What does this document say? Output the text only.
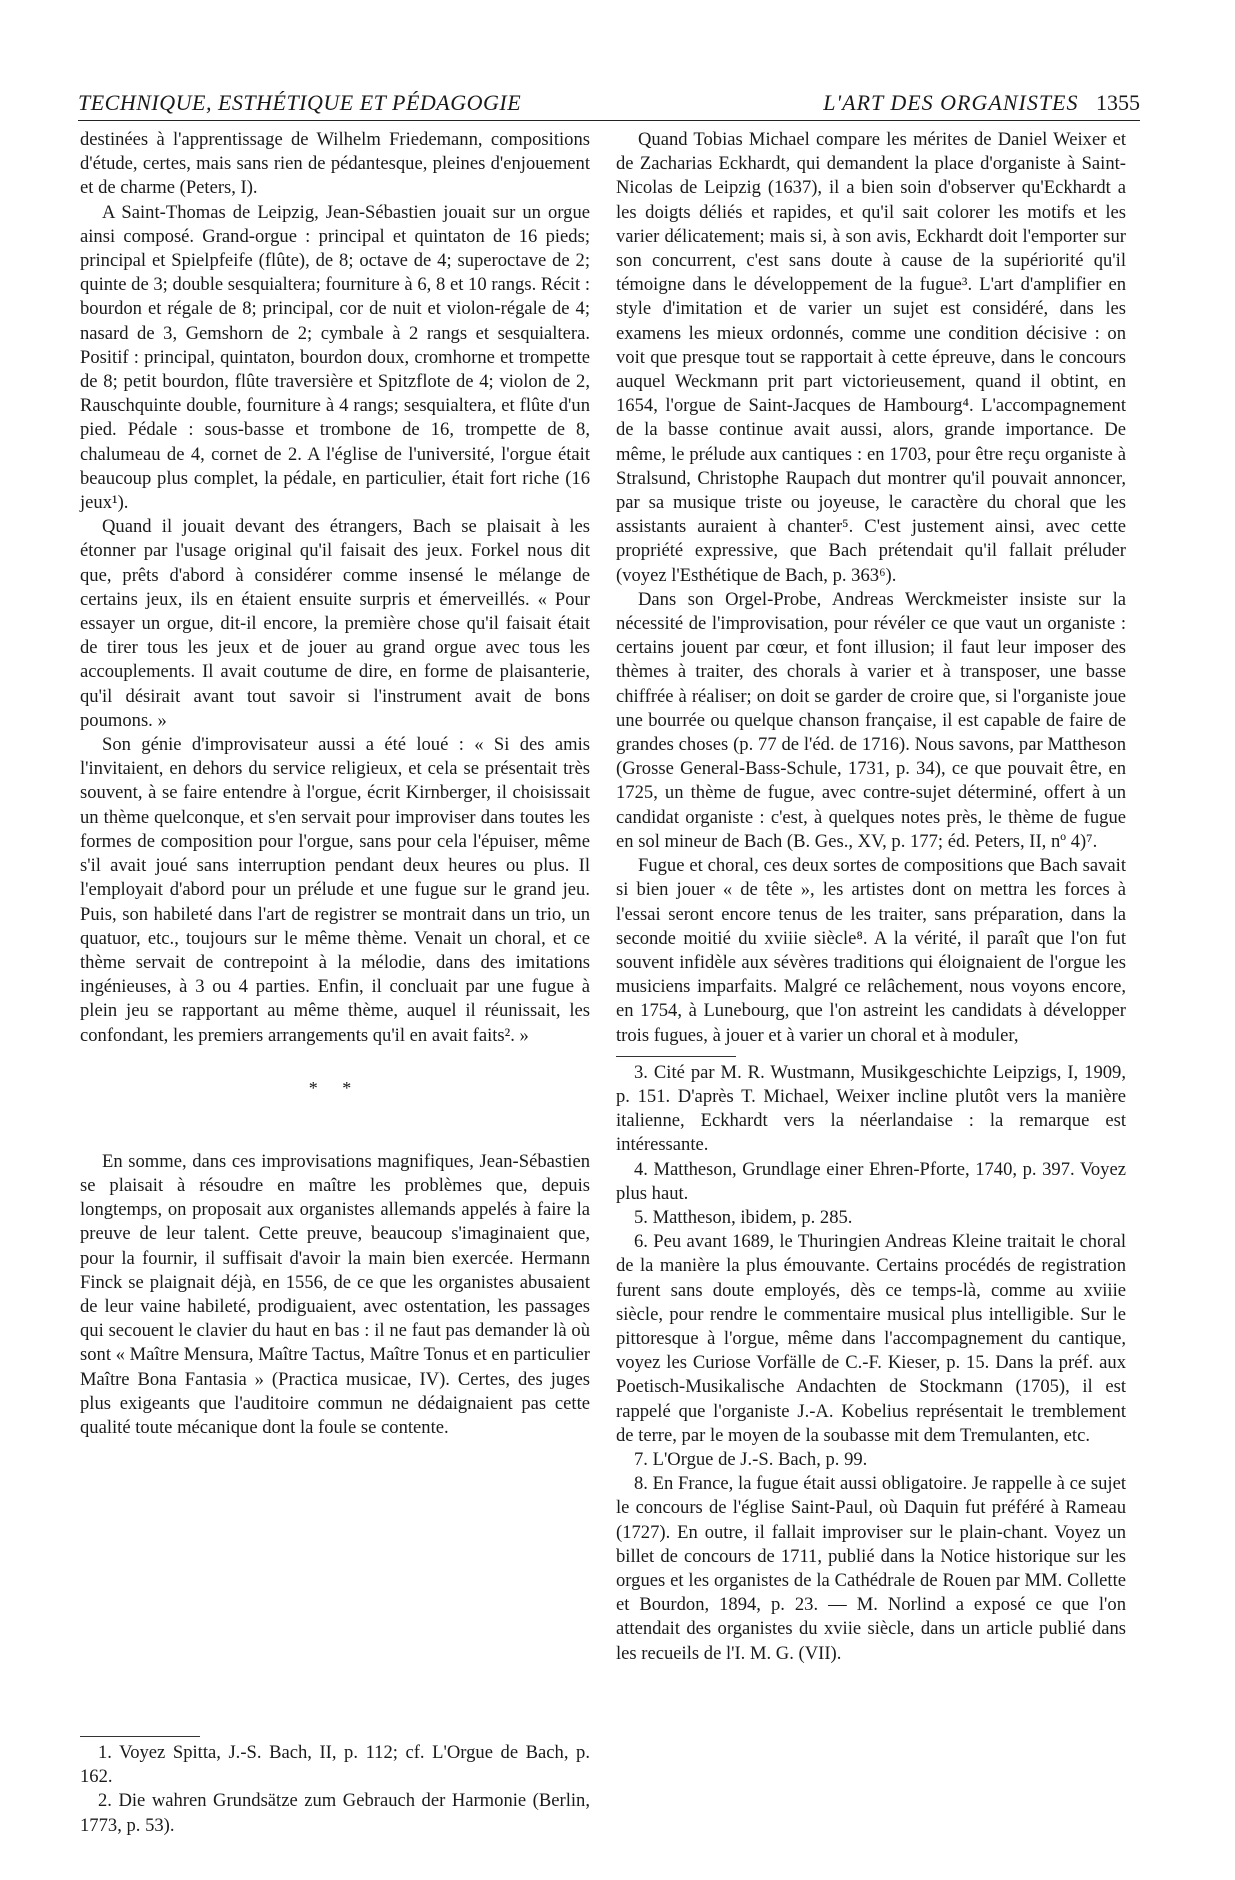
TECHNIQUE, ESTHÉTIQUE ET PÉDAGOGIE	L'ART DES ORGANISTES 1355

destinées à l'apprentissage de Wilhelm Friedemann, compositions d'étude, certes, mais sans rien de pédantesque, pleines d'enjouement et de charme (Peters, I).

A Saint-Thomas de Leipzig, Jean-Sébastien jouait sur un orgue ainsi composé. Grand-orgue : principal et quintaton de 16 pieds; principal et Spielpfeife (flûte), de 8; octave de 4; superoctave de 2; quinte de 3; double sesquialtera; fourniture à 6, 8 et 10 rangs. Récit : bourdon et régale de 8; principal, cor de nuit et violon-régale de 4; nasard de 3, Gemshorn de 2; cymbale à 2 rangs et sesquialtera. Positif : principal, quintaton, bourdon doux, cromhorne et trompette de 8; petit bourdon, flûte traversière et Spitzflote de 4; violon de 2, Rauschquinte double, fourniture à 4 rangs; sesquialtera, et flûte d'un pied. Pédale : sous-basse et trombone de 16, trompette de 8, chalumeau de 4, cornet de 2. A l'église de l'université, l'orgue était beaucoup plus complet, la pédale, en particulier, était fort riche (16 jeux¹).

Quand il jouait devant des étrangers, Bach se plaisait à les étonner par l'usage original qu'il faisait des jeux. Forkel nous dit que, prêts d'abord à considérer comme insensé le mélange de certains jeux, ils en étaient ensuite surpris et émerveillés. « Pour essayer un orgue, dit-il encore, la première chose qu'il faisait était de tirer tous les jeux et de jouer au grand orgue avec tous les accouplements. Il avait coutume de dire, en forme de plaisanterie, qu'il désirait avant tout savoir si l'instrument avait de bons poumons. »

Son génie d'improvisateur aussi a été loué : « Si des amis l'invitaient, en dehors du service religieux, et cela se présentait très souvent, à se faire entendre à l'orgue, écrit Kirnberger, il choisissait un thème quelconque, et s'en servait pour improviser dans toutes les formes de composition pour l'orgue, sans pour cela l'épuiser, même s'il avait joué sans interruption pendant deux heures ou plus. Il l'employait d'abord pour un prélude et une fugue sur le grand jeu. Puis, son habileté dans l'art de registrer se montrait dans un trio, un quatuor, etc., toujours sur le même thème. Venait un choral, et ce thème servait de contrepoint à la mélodie, dans des imitations ingénieuses, à 3 ou 4 parties. Enfin, il concluait par une fugue à plein jeu se rapportant au même thème, auquel il réunissait, les confondant, les premiers arrangements qu'il en avait faits². »

* *

En somme, dans ces improvisations magnifiques, Jean-Sébastien se plaisait à résoudre en maître les problèmes que, depuis longtemps, on proposait aux organistes allemands appelés à faire la preuve de leur talent. Cette preuve, beaucoup s'imaginaient que, pour la fournir, il suffisait d'avoir la main bien exercée. Hermann Finck se plaignait déjà, en 1556, de ce que les organistes abusaient de leur vaine habileté, prodiguaient, avec ostentation, les passages qui secouent le clavier du haut en bas : il ne faut pas demander là où sont « Maître Mensura, Maître Tactus, Maître Tonus et en particulier Maître Bona Fantasia » (Practica musicae, IV). Certes, des juges plus exigeants que l'auditoire commun ne dédaignaient pas cette qualité toute mécanique dont la foule se contente.

1. Voyez Spitta, J.-S. Bach, II, p. 112; cf. L'Orgue de Bach, p. 162.

2. Die wahren Grundsätze zum Gebrauch der Harmonie (Berlin, 1773, p. 53).

Quand Tobias Michael compare les mérites de Daniel Weixer et de Zacharias Eckhardt, qui demandent la place d'organiste à Saint-Nicolas de Leipzig (1637), il a bien soin d'observer qu'Eckhardt a les doigts déliés et rapides, et qu'il sait colorer les motifs et les varier délicatement; mais si, à son avis, Eckhardt doit l'emporter sur son concurrent, c'est sans doute à cause de la supériorité qu'il témoigne dans le développement de la fugue³. L'art d'amplifier en style d'imitation et de varier un sujet est considéré, dans les examens les mieux ordonnés, comme une condition décisive : on voit que presque tout se rapportait à cette épreuve, dans le concours auquel Weckmann prit part victorieusement, quand il obtint, en 1654, l'orgue de Saint-Jacques de Hambourg⁴. L'accompagnement de la basse continue avait aussi, alors, grande importance. De même, le prélude aux cantiques : en 1703, pour être reçu organiste à Stralsund, Christophe Raupach dut montrer qu'il pouvait annoncer, par sa musique triste ou joyeuse, le caractère du choral que les assistants auraient à chanter⁵. C'est justement ainsi, avec cette propriété expressive, que Bach prétendait qu'il fallait préluder (voyez l'Esthétique de Bach, p. 363⁶).

Dans son Orgel-Probe, Andreas Werckmeister insiste sur la nécessité de l'improvisation, pour révéler ce que vaut un organiste : certains jouent par cœur, et font illusion; il faut leur imposer des thèmes à traiter, des chorals à varier et à transposer, une basse chiffrée à réaliser; on doit se garder de croire que, si l'organiste joue une bourrée ou quelque chanson française, il est capable de faire de grandes choses (p. 77 de l'éd. de 1716). Nous savons, par Mattheson (Grosse General-Bass-Schule, 1731, p. 34), ce que pouvait être, en 1725, un thème de fugue, avec contre-sujet déterminé, offert à un candidat organiste : c'est, à quelques notes près, le thème de fugue en sol mineur de Bach (B. Ges., XV, p. 177; éd. Peters, II, nº 4)⁷.

Fugue et choral, ces deux sortes de compositions que Bach savait si bien jouer « de tête », les artistes dont on mettra les forces à l'essai seront encore tenus de les traiter, sans préparation, dans la seconde moitié du xviiie siècle⁸. A la vérité, il paraît que l'on fut souvent infidèle aux sévères traditions qui éloignaient de l'orgue les musiciens imparfaits. Malgré ce relâchement, nous voyons encore, en 1754, à Lunebourg, que l'on astreint les candidats à développer trois fugues, à jouer et à varier un choral et à moduler,

3. Cité par M. R. Wustmann, Musikgeschichte Leipzigs, I, 1909, p. 151. D'après T. Michael, Weixer incline plutôt vers la manière italienne, Eckhardt vers la néerlandaise : la remarque est intéressante.

4. Mattheson, Grundlage einer Ehren-Pforte, 1740, p. 397. Voyez plus haut.

5. Mattheson, ibidem, p. 285.

6. Peu avant 1689, le Thuringien Andreas Kleine traitait le choral de la manière la plus émouvante. Certains procédés de registration furent sans doute employés, dès ce temps-là, comme au xviiie siècle, pour rendre le commentaire musical plus intelligible. Sur le pittoresque à l'orgue, même dans l'accompagnement du cantique, voyez les Curiose Vorfälle de C.-F. Kieser, p. 15. Dans la préf. aux Poetisch-Musikalische Andachten de Stockmann (1705), il est rappelé que l'organiste J.-A. Kobelius représentait le tremblement de terre, par le moyen de la soubasse mit dem Tremulanten, etc.

7. L'Orgue de J.-S. Bach, p. 99.

8. En France, la fugue était aussi obligatoire. Je rappelle à ce sujet le concours de l'église Saint-Paul, où Daquin fut préféré à Rameau (1727). En outre, il fallait improviser sur le plain-chant. Voyez un billet de concours de 1711, publié dans la Notice historique sur les orgues et les organistes de la Cathédrale de Rouen par MM. Collette et Bourdon, 1894, p. 23. — M. Norlind a exposé ce que l'on attendait des organistes du xviie siècle, dans un article publié dans les recueils de l'I. M. G. (VII).
